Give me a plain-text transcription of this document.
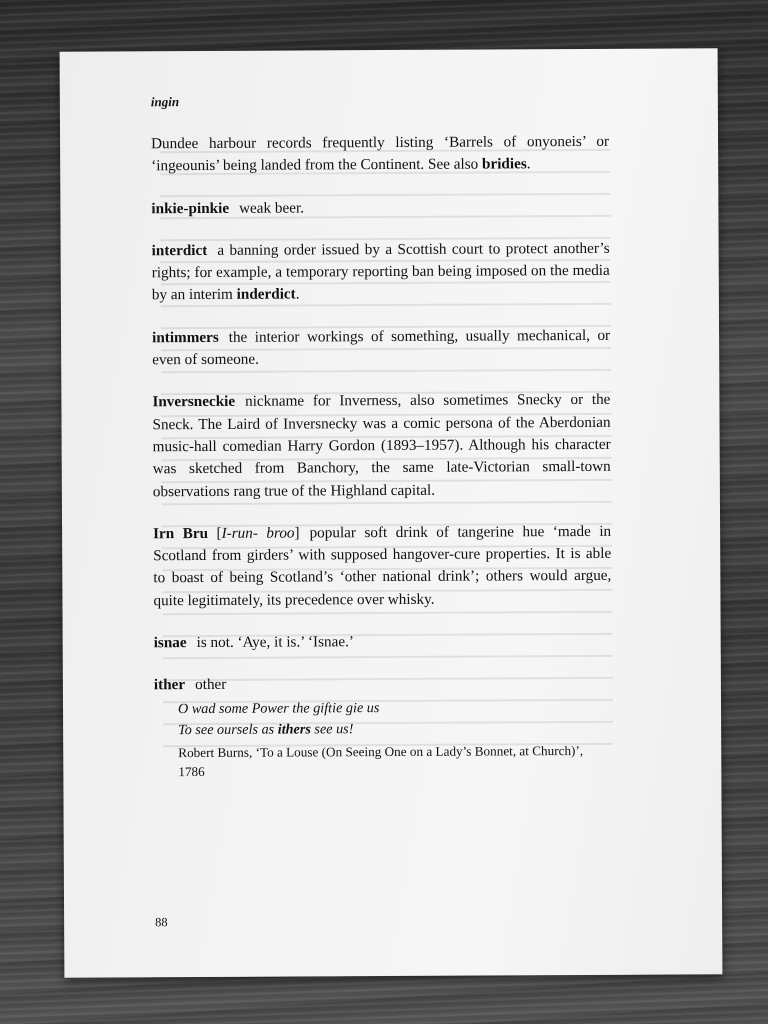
ingin

Dundee harbour records frequently listing ‘Barrels of onyoneis’ or ‘ingeounis’ being landed from the Continent. See also bridies.

inkie-pinkie weak beer.

interdict a banning order issued by a Scottish court to protect another’s rights; for example, a temporary reporting ban being imposed on the media by an interim inderdict.

intimmers the interior workings of something, usually mechanical, or even of someone.

Inversneckie nickname for Inverness, also sometimes Snecky or the Sneck. The Laird of Inversnecky was a comic persona of the Aberdonian music-hall comedian Harry Gordon (1893–1957). Although his character was sketched from Banchory, the same late-Victorian small-town observations rang true of the Highland capital.

Irn Bru [I-run- broo] popular soft drink of tangerine hue ‘made in Scotland from girders’ with supposed hangover-cure properties. It is able to boast of being Scotland’s ‘other national drink’; others would argue, quite legitimately, its precedence over whisky.

isnae is not. ‘Aye, it is.’ ‘Isnae.’

ither other

O wad some Power the giftie gie us
To see oursels as ithers see us!
Robert Burns, ‘To a Louse (On Seeing One on a Lady’s Bonnet, at Church)’, 1786
88
